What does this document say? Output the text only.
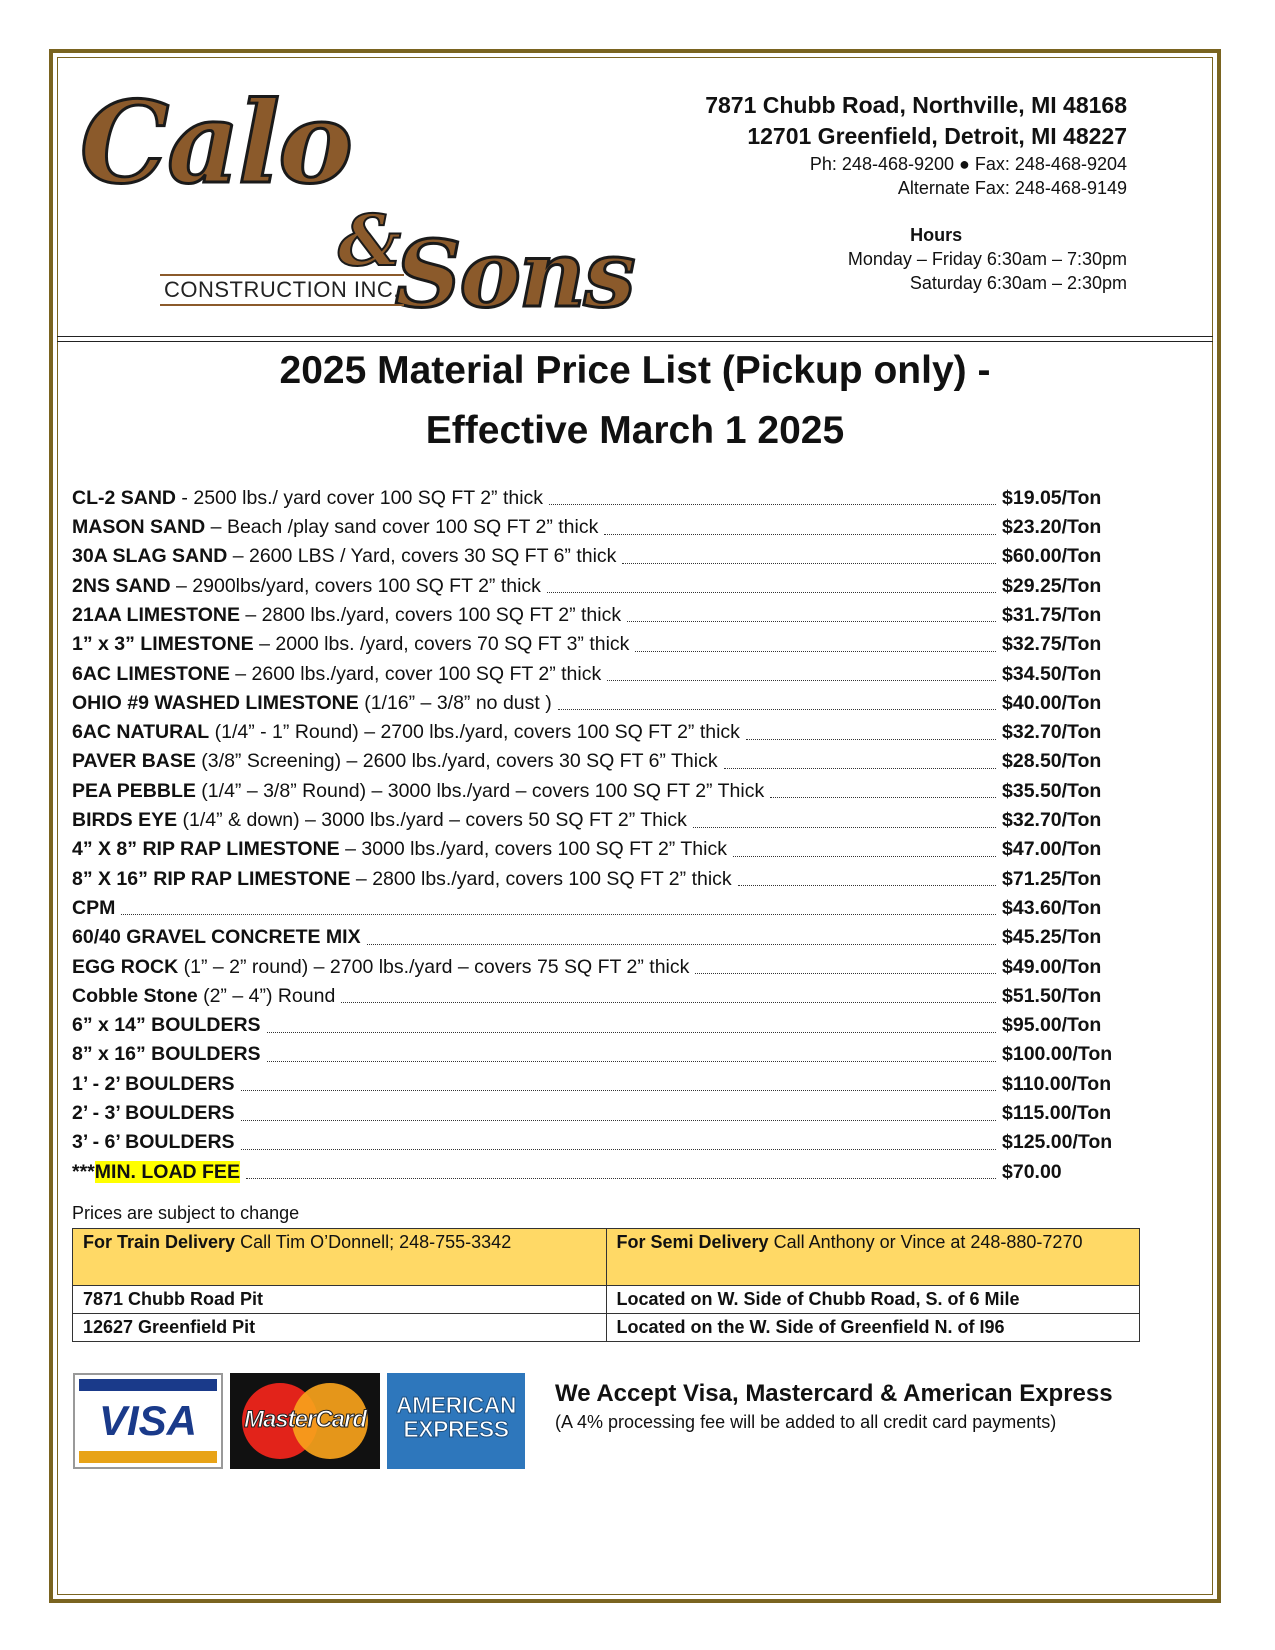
Calo
&
Sons
CONSTRUCTION INC.
7871 Chubb Road, Northville, MI 48168
12701 Greenfield, Detroit, MI 48227
Ph: 248-468-9200 ● Fax: 248-468-9204
Alternate Fax: 248-468-9149
Hours
Monday – Friday 6:30am – 7:30pm
Saturday 6:30am – 2:30pm
2025 Material Price List (Pickup only) -
Effective March 1 2025
CL-2 SAND - 2500 lbs./ yard cover 100 SQ FT 2” thick	$19.05/Ton
MASON SAND – Beach /play sand cover 100 SQ FT 2” thick	$23.20/Ton
30A SLAG SAND – 2600 LBS / Yard, covers 30 SQ FT 6” thick	$60.00/Ton
2NS SAND – 2900lbs/yard, covers 100 SQ FT 2” thick	$29.25/Ton
21AA LIMESTONE – 2800 lbs./yard, covers 100 SQ FT 2” thick	$31.75/Ton
1” x 3” LIMESTONE – 2000 lbs. /yard, covers 70 SQ FT 3” thick	$32.75/Ton
6AC LIMESTONE – 2600 lbs./yard, cover 100 SQ FT 2” thick	$34.50/Ton
OHIO #9 WASHED LIMESTONE (1/16” – 3/8” no dust )	$40.00/Ton
6AC NATURAL (1/4” - 1” Round) – 2700 lbs./yard, covers 100 SQ FT 2” thick	$32.70/Ton
PAVER BASE (3/8” Screening) – 2600 lbs./yard, covers 30 SQ FT 6” Thick	$28.50/Ton
PEA PEBBLE (1/4” – 3/8” Round) – 3000 lbs./yard – covers 100 SQ FT 2” Thick	$35.50/Ton
BIRDS EYE (1/4” & down) – 3000 lbs./yard – covers 50 SQ FT 2” Thick	$32.70/Ton
4” X 8” RIP RAP LIMESTONE – 3000 lbs./yard, covers 100 SQ FT 2” Thick	$47.00/Ton
8” X 16” RIP RAP LIMESTONE – 2800 lbs./yard, covers 100 SQ FT 2” thick	$71.25/Ton
CPM	$43.60/Ton
60/40 GRAVEL CONCRETE MIX	$45.25/Ton
EGG ROCK (1” – 2” round) – 2700 lbs./yard – covers 75 SQ FT 2” thick	$49.00/Ton
Cobble Stone (2” – 4”) Round	$51.50/Ton
6” x 14” BOULDERS	$95.00/Ton
8” x 16” BOULDERS	$100.00/Ton
1’ - 2’ BOULDERS	$110.00/Ton
2’ - 3’ BOULDERS	$115.00/Ton
3’ - 6’ BOULDERS	$125.00/Ton
***MIN. LOAD FEE	$70.00
Prices are subject to change
For Train Delivery Call Tim O’Donnell; 248-755-3342	For Semi Delivery Call Anthony or Vince at 248-880-7270
7871 Chubb Road Pit	Located on W. Side of Chubb Road, S. of 6 Mile
12627 Greenfield Pit	Located on the W. Side of Greenfield N. of I96
VISA	MasterCard
AMERICAN
EXPRESS
We Accept Visa, Mastercard & American Express
(A 4% processing fee will be added to all credit card payments)
